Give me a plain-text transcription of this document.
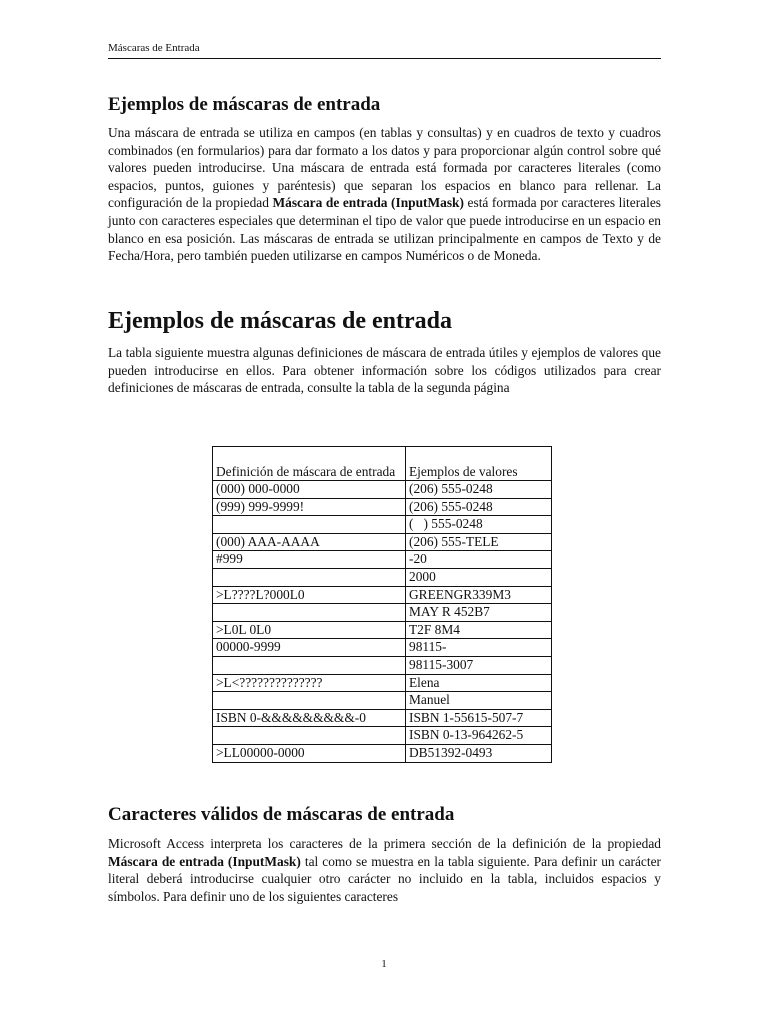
Máscaras de Entrada
Ejemplos de máscaras de entrada

Una máscara de entrada se utiliza en campos (en tablas y consultas) y en cuadros de texto y cuadros combinados (en formularios) para dar formato a los datos y para proporcionar algún control sobre qué valores pueden introducirse. Una máscara de entrada está formada por caracteres literales (como espacios, puntos, guiones y paréntesis) que separan los espacios en blanco para rellenar. La configuración de la propiedad Máscara de entrada (InputMask) está formada por caracteres literales junto con caracteres especiales que determinan el tipo de valor que puede introducirse en un espacio en blanco en esa posición. Las máscaras de entrada se utilizan principalmente en campos de Texto y de Fecha/Hora, pero también pueden utilizarse en campos Numéricos o de Moneda.

Ejemplos de máscaras de entrada

La tabla siguiente muestra algunas definiciones de máscara de entrada útiles y ejemplos de valores que pueden introducirse en ellos. Para obtener información sobre los códigos utilizados para crear definiciones de máscaras de entrada, consulte la tabla de la segunda página

Definición de máscara de entrada	Ejemplos de valores
(000) 000-0000	(206) 555-0248
(999) 999-9999!	(206) 555-0248
	(   ) 555-0248
(000) AAA-AAAA	(206) 555-TELE
#999	-20
	2000
>L????L?000L0	GREENGR339M3
	MAY R 452B7
>L0L 0L0	T2F 8M4
00000-9999	98115-
	98115-3007
>L<??????????????	Elena
	Manuel
ISBN 0-&&&&&&&&&-0	ISBN 1-55615-507-7
	ISBN 0-13-964262-5
>LL00000-0000	DB51392-0493
Caracteres válidos de máscaras de entrada

Microsoft Access interpreta los caracteres de la primera sección de la definición de la propiedad Máscara de entrada (InputMask) tal como se muestra en la tabla siguiente. Para definir un carácter literal deberá introducirse cualquier otro carácter no incluido en la tabla, incluidos espacios y símbolos. Para definir uno de los siguientes caracteres

1
